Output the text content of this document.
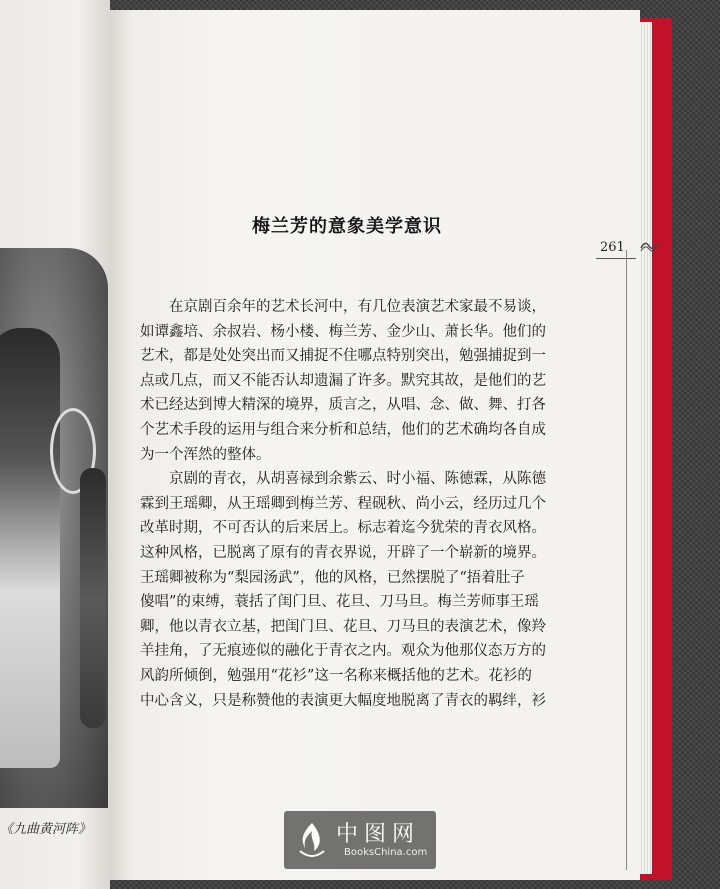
《九曲黄河阵》
梅兰芳的意象美学意识
261

在京剧百余年的艺术长河中，有几位表演艺术家最不易谈，
如谭鑫培、余叔岩、杨小楼、梅兰芳、金少山、萧长华。他们的
艺术，都是处处突出而又捕捉不住哪点特别突出，勉强捕捉到一
点或几点，而又不能否认却遗漏了许多。默究其故，是他们的艺
术已经达到博大精深的境界，质言之，从唱、念、做、舞、打各
个艺术手段的运用与组合来分析和总结，他们的艺术确均各自成
为一个浑然的整体。

京剧的青衣，从胡喜禄到余紫云、时小福、陈德霖，从陈德
霖到王瑶卿，从王瑶卿到梅兰芳、程砚秋、尚小云，经历过几个
改革时期，不可否认的后来居上。标志着迄今犹荣的青衣风格。
这种风格，已脱离了原有的青衣界说，开辟了一个崭新的境界。
王瑶卿被称为“梨园汤武”，他的风格，已然摆脱了“捂着肚子
傻唱”的束缚，蓑括了闺门旦、花旦、刀马旦。梅兰芳师事王瑶
卿，他以青衣立基，把闺门旦、花旦、刀马旦的表演艺术，像羚
羊挂角，了无痕迹似的融化于青衣之内。观众为他那仪态万方的
风韵所倾倒，勉强用“花衫”这一名称来概括他的艺术。花衫的
中心含义，只是称赞他的表演更大幅度地脱离了青衣的羁绊，衫

中图网
BooksChina.com
